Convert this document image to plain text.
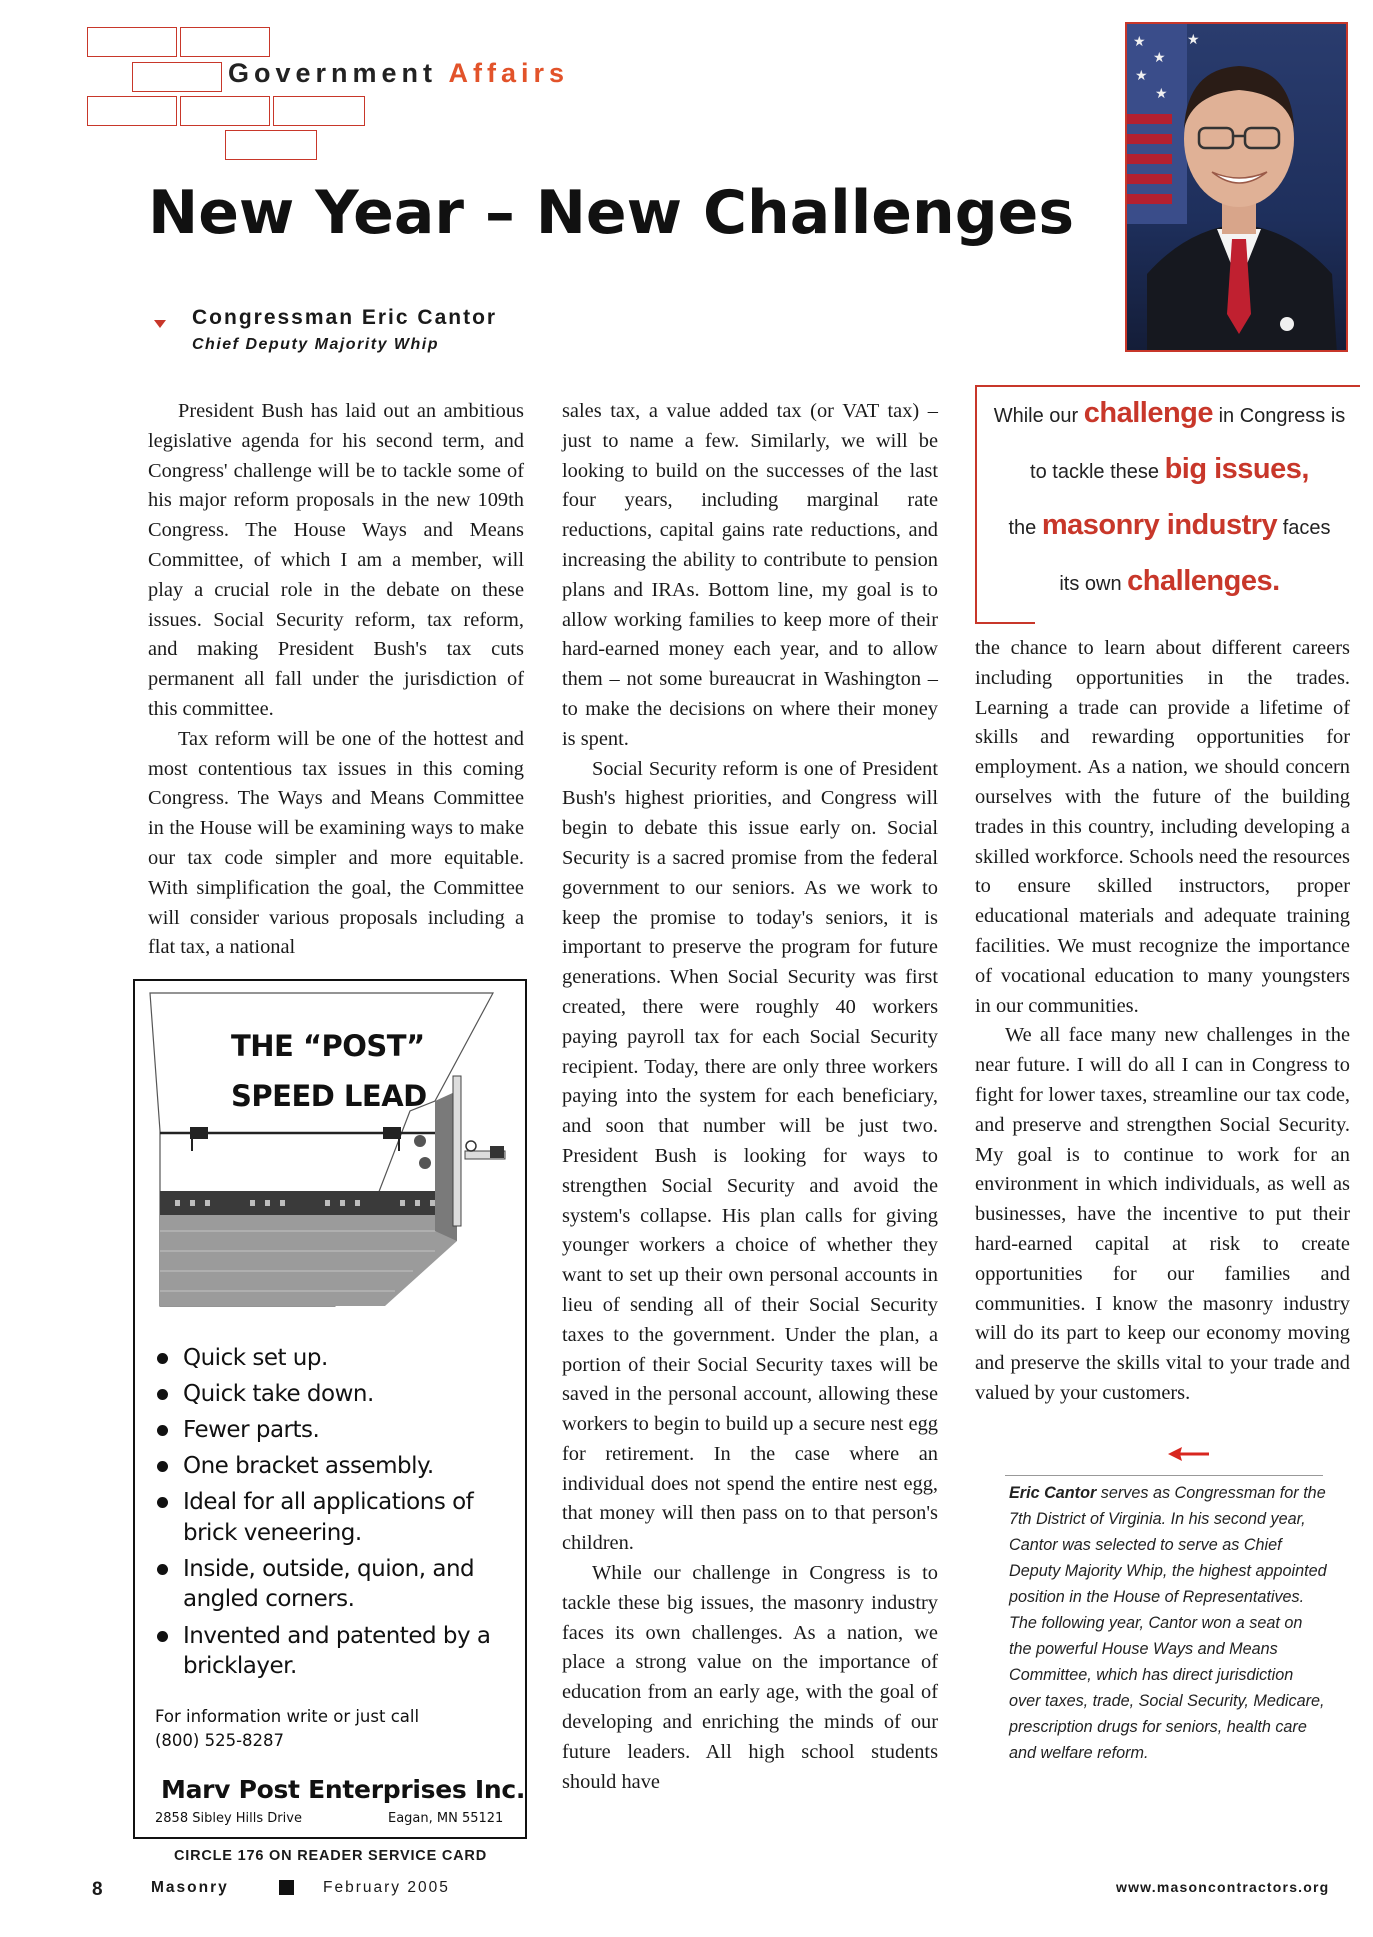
Government Affairs
New Year – New Challenges
Congressman Eric Cantor
Chief Deputy Majority Whip
★
★
★
★
★

President Bush has laid out an ambitious legislative agenda for his second term, and Congress' challenge will be to tackle some of his major reform proposals in the new 109th Congress. The House Ways and Means Committee, of which I am a member, will play a crucial role in the debate on these issues. Social Security reform, tax reform, and making President Bush's tax cuts permanent all fall under the jurisdiction of this committee.

Tax reform will be one of the hottest and most contentious tax issues in this coming Congress. The Ways and Means Committee in the House will be examining ways to make our tax code simpler and more equitable. With simplification the goal, the Committee will consider various proposals including a flat tax, a national

sales tax, a value added tax (or VAT tax) – just to name a few. Similarly, we will be looking to build on the successes of the last four years, including marginal rate reductions, capital gains rate reductions, and increasing the ability to contribute to pension plans and IRAs. Bottom line, my goal is to allow working families to keep more of their hard-earned money each year, and to allow them – not some bureaucrat in Washington – to make the decisions on where their money is spent.

Social Security reform is one of President Bush's highest priorities, and Congress will begin to debate this issue early on. Social Security is a sacred promise from the federal government to our seniors. As we work to keep the promise to today's seniors, it is important to preserve the program for future generations. When Social Security was first created, there were roughly 40 workers paying payroll tax for each Social Security recipient. Today, there are only three workers paying into the system for each beneficiary, and soon that number will be just two. President Bush is looking for ways to strengthen Social Security and avoid the system's collapse. His plan calls for giving younger workers a choice of whether they want to set up their own personal accounts in lieu of sending all of their Social Security taxes to the government. Under the plan, a portion of their Social Security taxes will be saved in the personal account, allowing these workers to begin to build up a secure nest egg for retirement. In the case where an individual does not spend the entire nest egg, that money will then pass on to that person's children.

While our challenge in Congress is to tackle these big issues, the masonry industry faces its own challenges. As a nation, we place a strong value on the importance of education from an early age, with the goal of developing and enriching the minds of our future leaders. All high school students should have

While our challenge in Congress is
to tackle these big issues,
the masonry industry faces
its own challenges.

the chance to learn about different careers including opportunities in the trades. Learning a trade can provide a lifetime of skills and rewarding opportunities for employment. As a nation, we should concern ourselves with the future of the building trades in this country, including developing a skilled workforce. Schools need the resources to ensure skilled instructors, proper educational materials and adequate training facilities. We must recognize the importance of vocational education to many youngsters in our communities.

We all face many new challenges in the near future. I will do all I can in Congress to fight for lower taxes, streamline our tax code, and preserve and strengthen Social Security. My goal is to continue to work for an environment in which individuals, as well as businesses, have the incentive to put their hard-earned capital at risk to create opportunities for our families and communities. I know the masonry industry will do its part to keep our economy moving and preserve the skills vital to your trade and valued by your customers.

Eric Cantor serves as Congressman for the 7th District of Virginia. In his second year, Cantor was selected to serve as Chief Deputy Majority Whip, the highest appointed position in the House of Representatives. The following year, Cantor won a seat on the powerful House Ways and Means Committee, which has direct jurisdiction over taxes, trade, Social Security, Medicare, prescription drugs for seniors, health care and welfare reform.
THE “POST”
SPEED LEAD
Quick set up.
Quick take down.
Fewer parts.
One bracket assembly.
Ideal for all applications of brick veneering.
Inside, outside, quion, and angled corners.
Invented and patented by a bricklayer.
For information write or just call
(800) 525-8287
Marv Post Enterprises Inc.
2858 Sibley Hills Drive	Eagan, MN 55121
CIRCLE 176 ON READER SERVICE CARD
8	Masonry	February 2005	www.masoncontractors.org
